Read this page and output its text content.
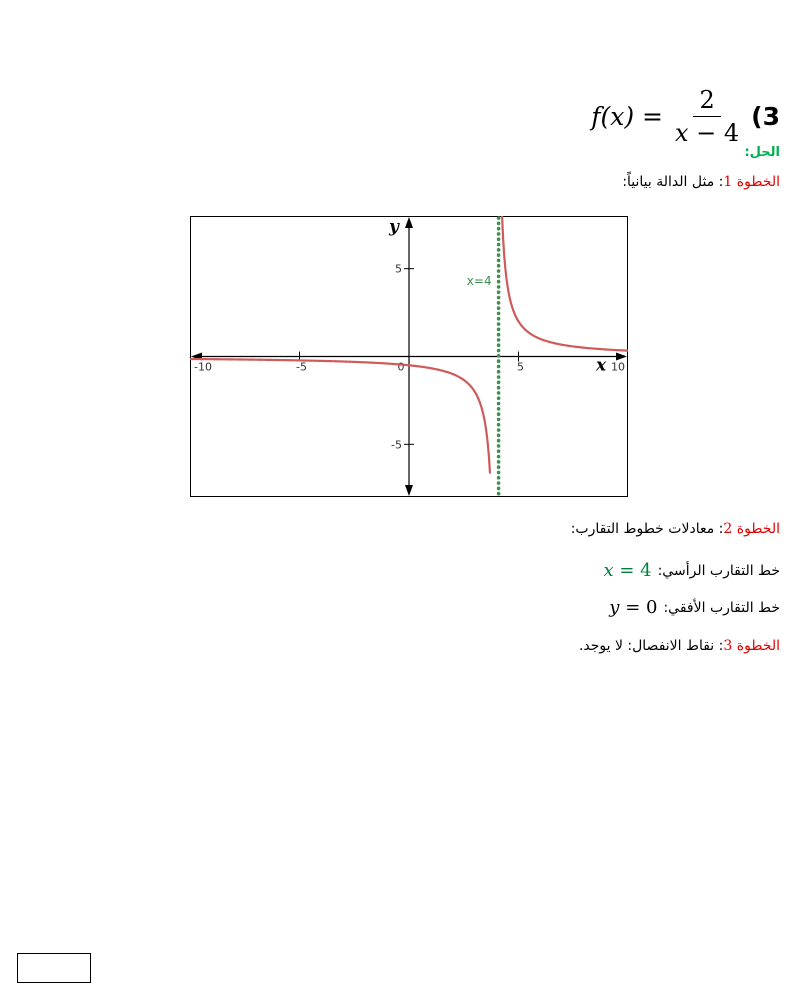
$f(x) = \frac{2}{x - 4} (3$
الحل:
الخطوة 1: مثل الدالة بيانياً:
-10	-5	0	5	10
5
-5
x
y
x=4
الخطوة 2: معادلات خطوط التقارب:
خط التقارب الرأسي:
x = 4
خط التقارب الأفقي:
y = 0
الخطوة 3: نقاط الانفصال: لا يوجد.
